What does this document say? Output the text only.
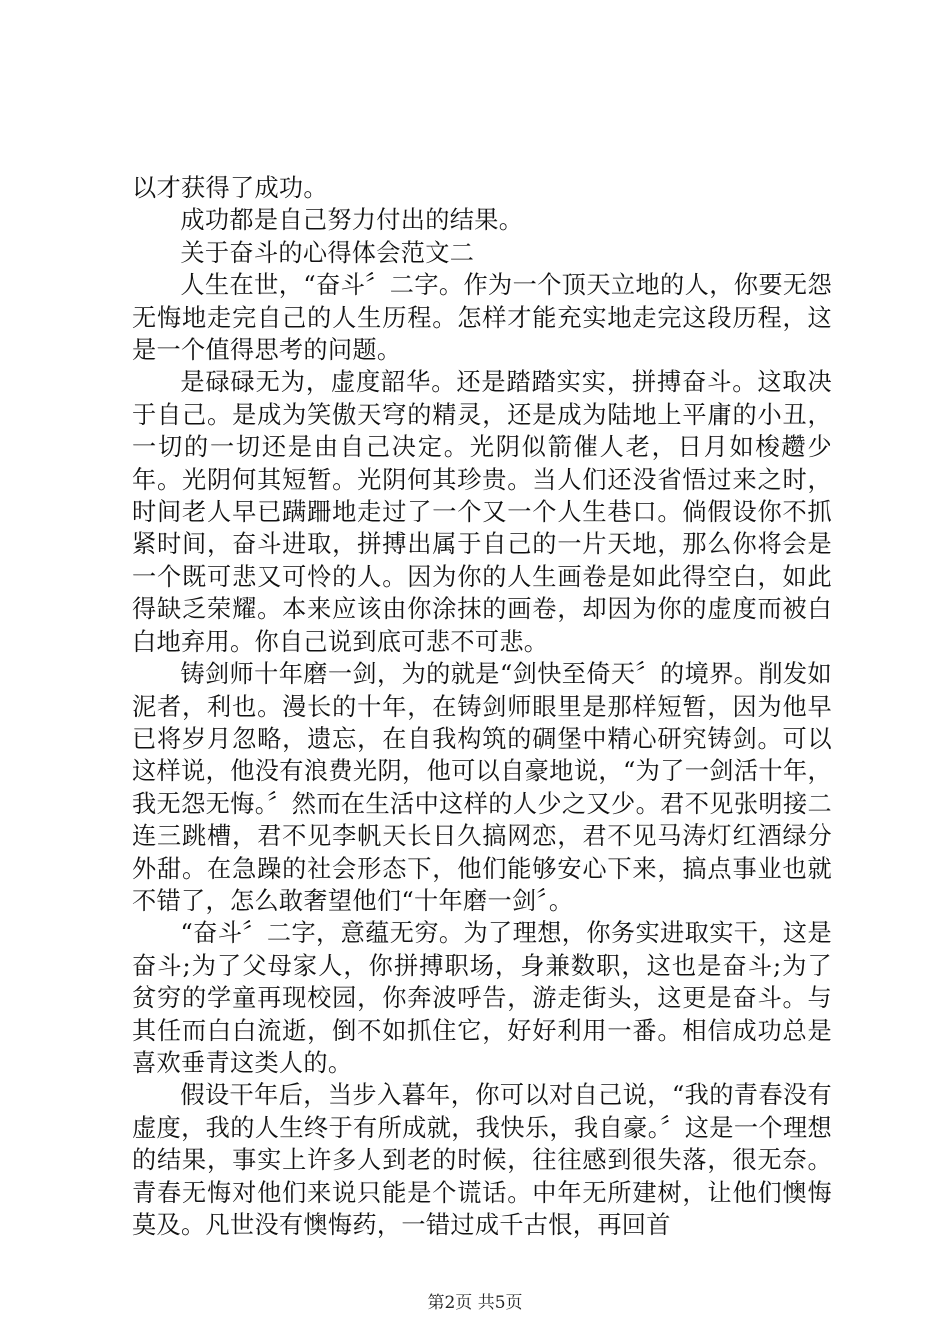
以才获得了成功。

成功都是自己努力付出的结果。

关于奋斗的心得体会范文二

人生在世，“奋斗〞二字。作为一个顶天立地的人，你要无怨无悔地走完自己的人生历程。怎样才能充实地走完这段历程，这是一个值得思考的问题。

是碌碌无为，虚度韶华。还是踏踏实实，拼搏奋斗。这取决于自己。是成为笑傲天穹的精灵，还是成为陆地上平庸的小丑，一切的一切还是由自己决定。光阴似箭催人老，日月如梭趱少年。光阴何其短暂。光阴何其珍贵。当人们还没省悟过来之时，时间老人早已蹒跚地走过了一个又一个人生巷口。倘假设你不抓紧时间，奋斗进取，拼搏出属于自己的一片天地，那么你将会是一个既可悲又可怜的人。因为你的人生画卷是如此得空白，如此得缺乏荣耀。本来应该由你涂抹的画卷，却因为你的虚度而被白白地弃用。你自己说到底可悲不可悲。

铸剑师十年磨一剑，为的就是“剑快至倚天〞的境界。削发如泥者，利也。漫长的十年，在铸剑师眼里是那样短暂，因为他早已将岁月忽略，遗忘，在自我构筑的碉堡中精心研究铸剑。可以这样说，他没有浪费光阴，他可以自豪地说，“为了一剑活十年，我无怨无悔。〞然而在生活中这样的人少之又少。君不见张明接二连三跳槽，君不见李帆天长日久搞网恋，君不见马涛灯红酒绿分外甜。在急躁的社会形态下，他们能够安心下来，搞点事业也就不错了，怎么敢奢望他们“十年磨一剑〞。

“奋斗〞二字，意蕴无穷。为了理想，你务实进取实干，这是奋斗;为了父母家人，你拼搏职场，身兼数职，这也是奋斗;为了贫穷的学童再现校园，你奔波呼告，游走街头，这更是奋斗。与其任而白白流逝，倒不如抓住它，好好利用一番。相信成功总是喜欢垂青这类人的。

假设干年后，当步入暮年，你可以对自己说，“我的青春没有虚度，我的人生终于有所成就，我快乐，我自豪。〞这是一个理想的结果，事实上许多人到老的时候，往往感到很失落，很无奈。青春无悔对他们来说只能是个谎话。中年无所建树，让他们懊悔莫及。凡世没有懊悔药，一错过成千古恨，再回首

第2页 共5页
